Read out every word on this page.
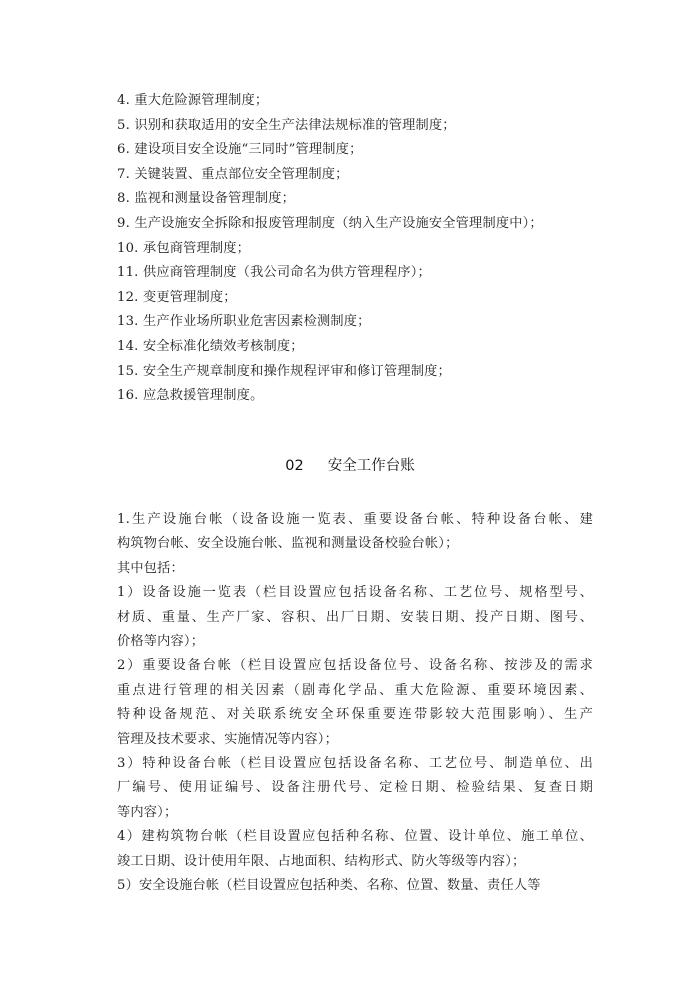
4. 重大危险源管理制度；
5. 识别和获取适用的安全生产法律法规标准的管理制度；
6. 建设项目安全设施“三同时”管理制度；
7. 关键装置、重点部位安全管理制度；
8. 监视和测量设备管理制度；
9. 生产设施安全拆除和报废管理制度（纳入生产设施安全管理制度中）；
10. 承包商管理制度；
11. 供应商管理制度（我公司命名为供方管理程序）；
12. 变更管理制度；
13. 生产作业场所职业危害因素检测制度；
14. 安全标准化绩效考核制度；
15. 安全生产规章制度和操作规程评审和修订管理制度；
16. 应急救援管理制度。
02 安全工作台账
1.生产设施台帐（设备设施一览表、重要设备台帐、特种设备台帐、建
构筑物台帐、安全设施台帐、监视和测量设备校验台帐）；
其中包括：
1）设备设施一览表（栏目设置应包括设备名称、工艺位号、规格型号、
材质、重量、生产厂家、容积、出厂日期、安装日期、投产日期、图号、
价格等内容）；
2）重要设备台帐（栏目设置应包括设备位号、设备名称、按涉及的需求
重点进行管理的相关因素（剧毒化学品、重大危险源、重要环境因素、
特种设备规范、对关联系统安全环保重要连带影较大范围影响）、生产
管理及技术要求、实施情况等内容）；
3）特种设备台帐（栏目设置应包括设备名称、工艺位号、制造单位、出
厂编号、使用证编号、设备注册代号、定检日期、检验结果、复查日期
等内容）；
4）建构筑物台帐（栏目设置应包括种名称、位置、设计单位、施工单位、
竣工日期、设计使用年限、占地面积、结构形式、防火等级等内容）；
5）安全设施台帐（栏目设置应包括种类、名称、位置、数量、责任人等
